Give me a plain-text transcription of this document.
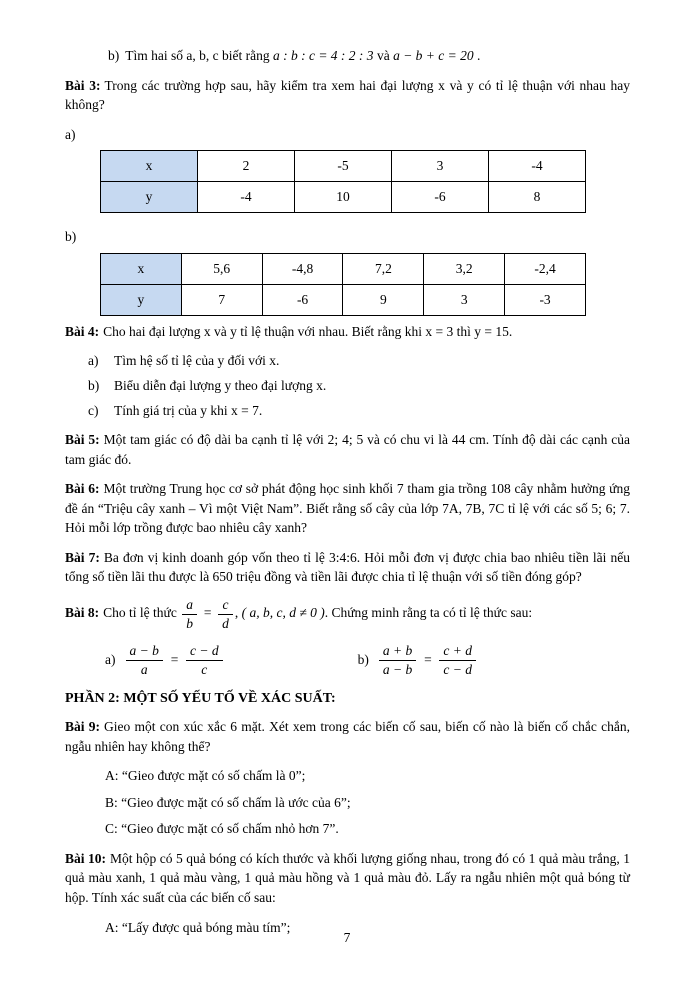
b) Tìm hai số a, b, c biết rằng a : b : c = 4 : 2 : 3 và a − b + c = 20 .

Bài 3: Trong các trường hợp sau, hãy kiểm tra xem hai đại lượng x và y có tỉ lệ thuận với nhau hay không?

a)

x	2	-5	3	-4
y	-4	10	-6	8

b)

x	5,6	-4,8	7,2	3,2	-2,4
y	7	-6	9	3	-3

Bài 4: Cho hai đại lượng x và y tỉ lệ thuận với nhau. Biết rằng khi x = 3 thì y = 15.

a) Tìm hệ số tỉ lệ của y đối với x.

b) Biểu diễn đại lượng y theo đại lượng x.

c) Tính giá trị của y khi x = 7.

Bài 5: Một tam giác có độ dài ba cạnh tỉ lệ với 2; 4; 5 và có chu vi là 44 cm. Tính độ dài các cạnh của tam giác đó.

Bài 6: Một trường Trung học cơ sở phát động học sinh khối 7 tham gia trồng 108 cây nhằm hưởng ứng đề án “Triệu cây xanh – Vì một Việt Nam”. Biết rằng số cây của lớp 7A, 7B, 7C tỉ lệ với các số 5; 6; 7. Hỏi mỗi lớp trồng được bao nhiêu cây xanh?

Bài 7: Ba đơn vị kinh doanh góp vốn theo tỉ lệ 3:4:6. Hỏi mỗi đơn vị được chia bao nhiêu tiền lãi nếu tổng số tiền lãi thu được là 650 triệu đồng và tiền lãi được chia tỉ lệ thuận với số tiền đóng góp?

Bài 8: Cho tỉ lệ thức $\frac{a}{b} = \frac{c}{d}$ , ( a, b, c, d ≠ 0 ). Chứng minh rằng ta có tỉ lệ thức sau:

$a) \frac{a - b}{a} = \frac{c - d}{c}$	$b) \frac{a + b}{a - b} = \frac{c + d}{c - d}$
PHẦN 2: MỘT SỐ YẾU TỐ VỀ XÁC SUẤT:

Bài 9: Gieo một con xúc xắc 6 mặt. Xét xem trong các biến cố sau, biến cố nào là biến cố chắc chắn, ngẫu nhiên hay không thể?

A: “Gieo được mặt có số chấm là 0”;

B: “Gieo được mặt có số chấm là ước của 6”;

C: “Gieo được mặt có số chấm nhỏ hơn 7”.

Bài 10: Một hộp có 5 quả bóng có kích thước và khối lượng giống nhau, trong đó có 1 quả màu trắng, 1 quả màu xanh, 1 quả màu vàng, 1 quả màu hồng và 1 quả màu đỏ. Lấy ra ngẫu nhiên một quả bóng từ hộp. Tính xác suất của các biến cố sau:

A: “Lấy được quả bóng màu tím”;

7
